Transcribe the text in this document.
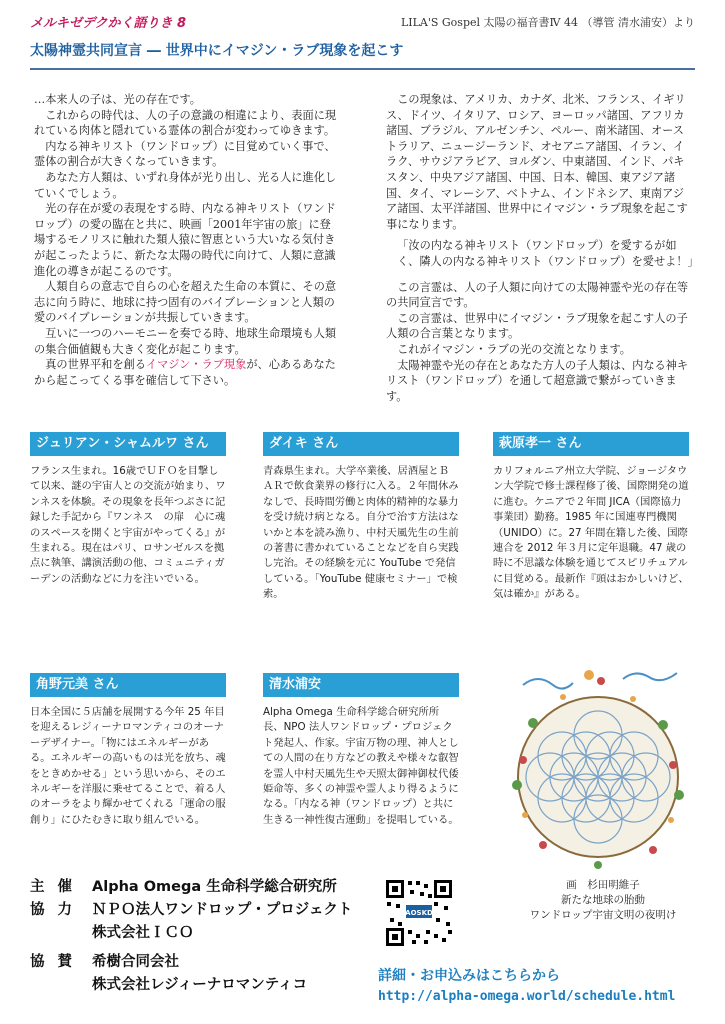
メルキゼデクかく語りき 8	LILA'S Gospel 太陽の福音書Ⅳ 44 （導管 清水浦安）より
太陽神霊共同宣言 ― 世界中にイマジン・ラブ現象を起こす

…本来人の子は、光の存在です。

これからの時代は、人の子の意識の相違により、表面に現れている肉体と隠れている霊体の割合が変わってゆきます。

内なる神キリスト（ワンドロップ）に目覚めていく事で、霊体の割合が大きくなっていきます。

あなた方人類は、いずれ身体が光り出し、光る人に進化していくでしょう。

光の存在が愛の表現をする時、内なる神キリスト（ワンドロップ）の愛の臨在と共に、映画「2001年宇宙の旅」に登場するモノリスに触れた類人猿に智恵という大いなる気付きが起こったように、新たな太陽の時代に向けて、人類に意識進化の導きが起こるのです。

人類自らの意志で自らの心を超えた生命の本質に、その意志に向う時に、地球に持つ固有のバイブレーションと人類の愛のバイブレーションが共振していきます。

互いに一つのハーモニーを奏でる時、地球生命環境も人類の集合価値観も大きく変化が起こります。

真の世界平和を創るイマジン・ラブ現象が、心あるあなたから起こってくる事を確信して下さい。

この現象は、アメリカ、カナダ、北米、フランス、イギリス、ドイツ、イタリア、ロシア、ヨーロッパ諸国、アフリカ諸国、ブラジル、アルゼンチン、ペルー、南米諸国、オーストラリア、ニュージーランド、オセアニア諸国、イラン、イラク、サウジアラビア、ヨルダン、中東諸国、インド、パキスタン、中央アジア諸国、中国、日本、韓国、東アジア諸国、タイ、マレーシア、ベトナム、インドネシア、東南アジア諸国、太平洋諸国、世界中にイマジン・ラブ現象を起こす事になります。

「汝の内なる神キリスト（ワンドロップ）を愛するが如く、隣人の内なる神キリスト（ワンドロップ）を愛せよ！」

この言霊は、人の子人類に向けての太陽神霊や光の存在等の共同宣言です。

この言霊は、世界中にイマジン・ラブ現象を起こす人の子人類の合言葉となります。

これがイマジン・ラブの光の交流となります。

太陽神霊や光の存在とあなた方人の子人類は、内なる神キリスト（ワンドロップ）を通して超意識で繋がっていきます。

ジュリアン・シャムルワ さん
フランス生まれ。16歳でＵＦＯを目撃して以来、謎の宇宙人との交流が始まり、ワンネスを体験。その現象を長年つぶさに記録した手記から『ワンネス　の扉　心に魂のスペースを開くと宇宙がやってくる』が生まれる。現在はパリ、ロサンゼルスを拠点に執筆、講演活動の他、コミュニティガーデンの活動などに力を注いでいる。
ダイキ さん
青森県生まれ。大学卒業後、居酒屋とＢＡＲで飲食業界の修行に入る。２年間休みなしで、長時間労働と肉体的精神的な暴力を受け続け病となる。自分で治す方法はないかと本を読み漁り、中村天風先生の生前の著書に書かれていることなどを自ら実践し完治。その経験を元に YouTube で発信している。「YouTube 健康セミナー」で検索。
萩原孝一 さん
カリフォルニア州立大学院、ジョージタウン大学院で修士課程修了後、国際開発の道に進む。ケニアで２年間 JICA（国際協力事業団）勤務。1985 年に国連専門機関（UNIDO）に。27 年間在籍した後、国際連合を 2012 年３月に定年退職。47 歳の時に不思議な体験を通じてスピリチュアルに目覚める。最新作『頭はおかしいけど、気は確か』がある。
角野元美 さん
日本全国に５店舗を展開する今年 25 年目を迎えるレジィーナロマンティコのオーナーデザイナー。「物にはエネルギーがある。エネルギーの高いものは光を放ち、魂をときめかせる」という思いから、そのエネルギーを洋服に乗せてることで、着る人のオーラをより輝かせてくれる「運命の服創り」にひたむきに取り組んでいる。
清水浦安
Alpha Omega 生命科学総合研究所所長、NPO 法人ワンドロップ・プロジェクト発起人、作家。宇宙万物の理、神人としての人間の在り方などの教えや様々な叡智を霊人中村天風先生や天照太御神御杖代倭姫命等、多くの神霊や霊人より得るようになる。「内なる神（ワンドロップ）と共に生きる一神性復古運動」を提唱している。
画　杉田明維子
新たな地球の胎動
ワンドロップ宇宙文明の夜明け
主 催	Alpha Omega 生命科学総合研究所
協 力	ＮＰＯ法人ワンドロップ・プロジェクト
株式会社ＩＣＯ
協 賛	希樹合同会社
株式会社レジィーナロマンティコ
AOSKD
詳細・お申込みはこちらから
http://alpha-omega.world/schedule.html
